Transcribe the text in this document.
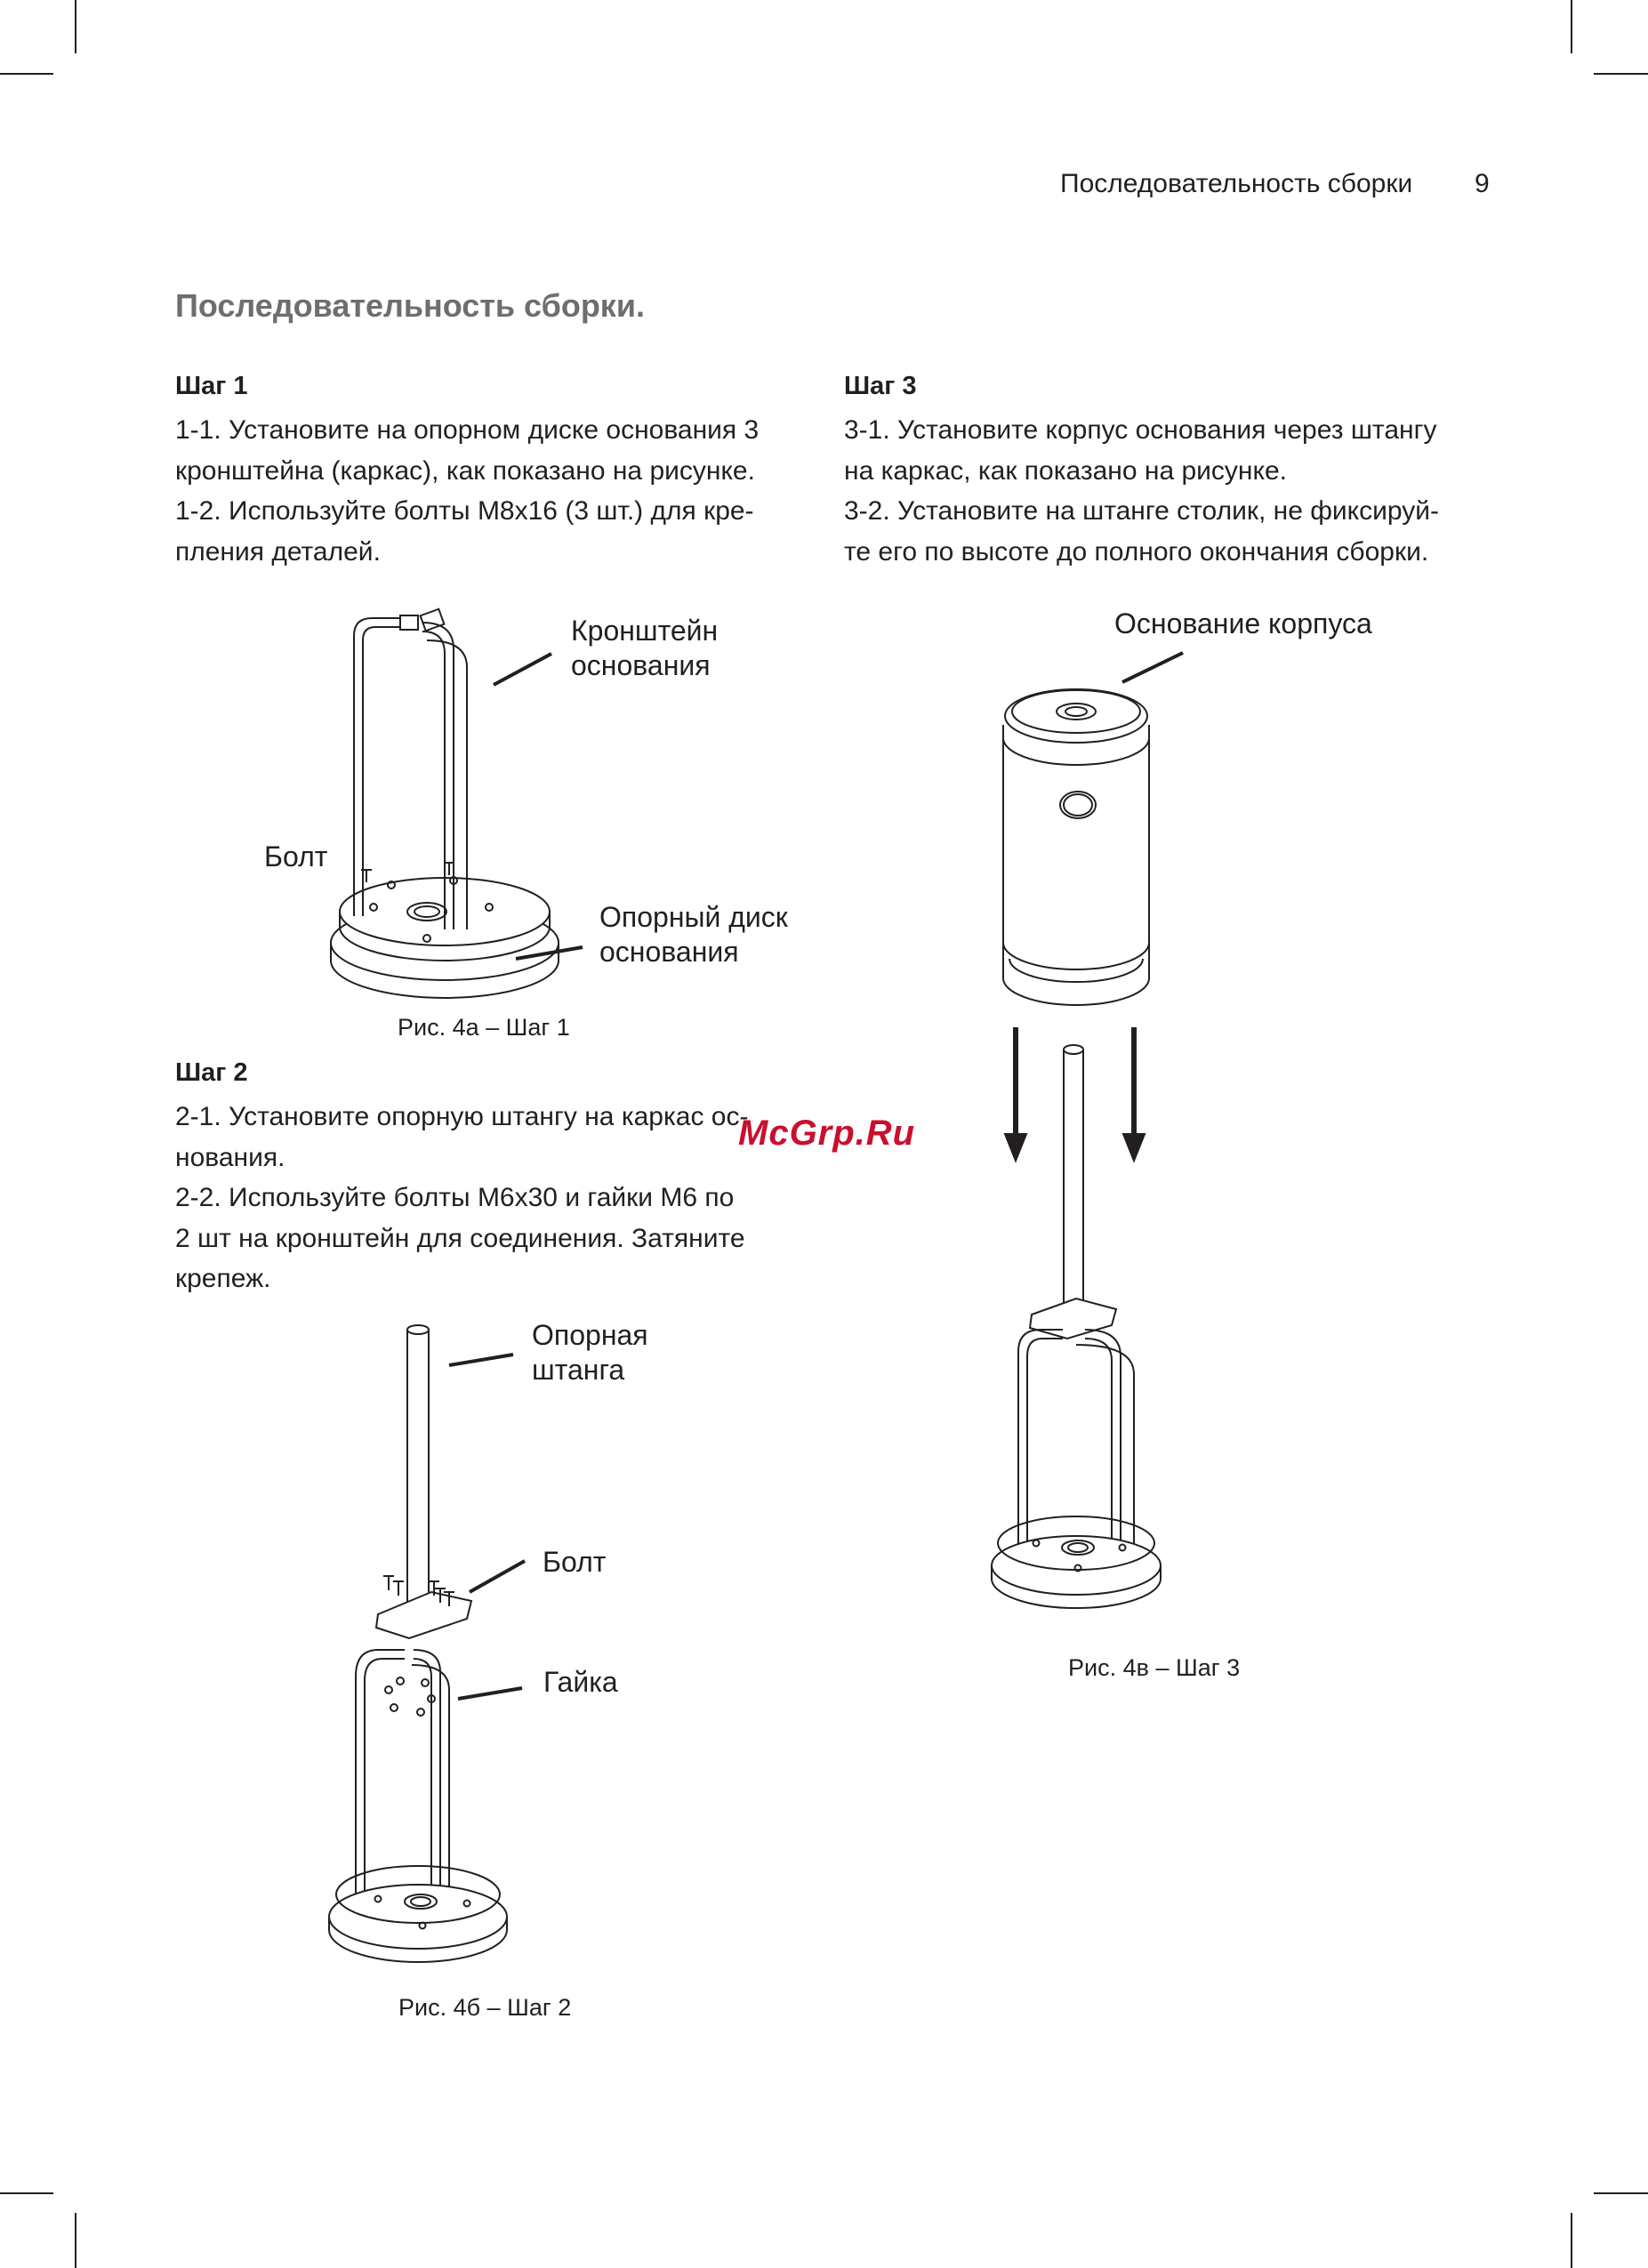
Последовательность сборки 9
Последовательность сборки.
Шаг 1

1-1. Установите на опорном диске основания 3

кронштейна (каркас), как показано на рисунке.

1-2. Используйте болты М8х16 (3 шт.) для кре-

пления деталей.

Шаг 3

3-1. Установите корпус основания через штангу

на каркас, как показано на рисунке.

3-2. Установите на штанге столик, не фиксируй-

те его по высоте до полного окончания сборки.

Кронштейн
основания
Болт
Опорный диск
основания
Рис. 4а – Шаг 1
Шаг 2

2-1. Установите опорную штангу на каркас ос-

нования.

2-2. Используйте болты М6х30 и гайки М6 по

2 шт на кронштейн для соединения. Затяните

крепеж.

McGrp.Ru
Опорная
штанга
Болт
Гайка
Рис. 4б – Шаг 2
Основание корпуса
Рис. 4в – Шаг 3
